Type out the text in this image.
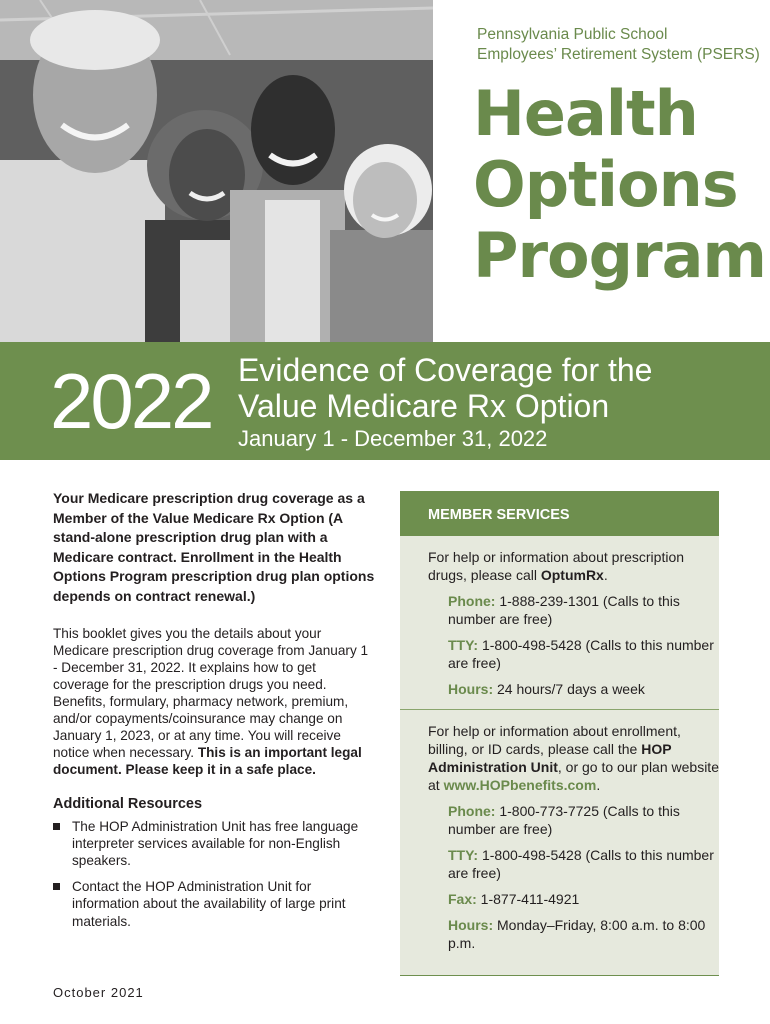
Pennsylvania Public School
Employees’ Retirement System (PSERS)
Health
Options
Program
2022 Evidence of Coverage for the
Value Medicare Rx Option
January 1 - December 31, 2022

Your Medicare prescription drug coverage as a Member of the Value Medicare Rx Option (A stand-alone prescription drug plan with a Medicare contract. Enrollment in the Health Options Program prescription drug plan options depends on contract renewal.)

This booklet gives you the details about your Medicare prescription drug coverage from January 1 - December 31, 2022. It explains how to get coverage for the prescription drugs you need. Benefits, formulary, pharmacy network, premium, and/or copayments/coinsurance may change on January 1, 2023, or at any time. You will receive notice when necessary. This is an important legal document. Please keep it in a safe place.

Additional Resources
The HOP Administration Unit has free language interpreter services available for non-English speakers.
Contact the HOP Administration Unit for information about the availability of large print materials.
October 2021
MEMBER SERVICES

For help or information about prescription drugs, please call OptumRx.

Phone: 1-888-239-1301 (Calls to this number are free)
TTY: 1-800-498-5428 (Calls to this number are free)
Hours: 24 hours/7 days a week

For help or information about enrollment, billing, or ID cards, please call the HOP Administration Unit, or go to our plan website at www.HOPbenefits.com.

Phone: 1-800-773-7725 (Calls to this number are free)
TTY: 1-800-498-5428 (Calls to this number are free)
Fax: 1-877-411-4921
Hours: Monday–Friday, 8:00 a.m. to 8:00 p.m.
